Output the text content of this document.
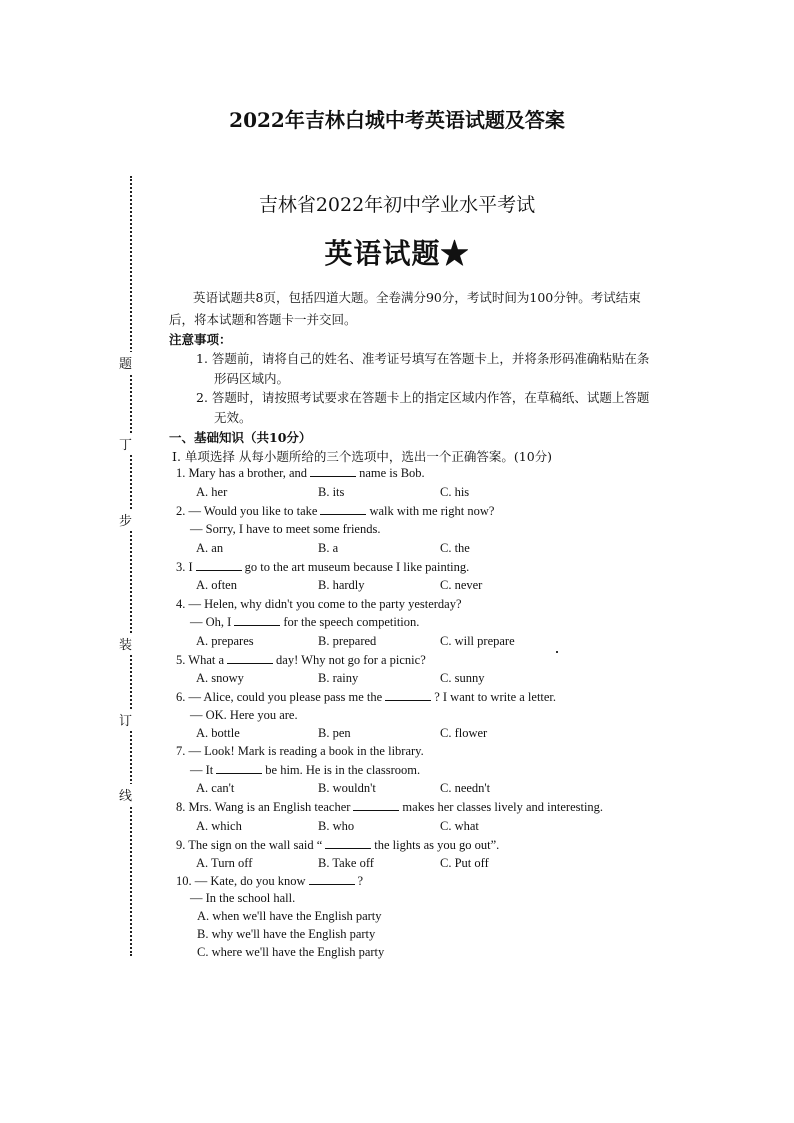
2022年吉林白城中考英语试题及答案
题
丁
步
装
订
线
吉林省2022年初中学业水平考试
英语试题★
英语试题共8页，包括四道大题。全卷满分90分，考试时间为100分钟。考试结束
后，将本试题和答题卡一并交回。
注意事项：
1. 答题前，请将自己的姓名、准考证号填写在答题卡上，并将条形码准确粘贴在条
形码区域内。
2. 答题时，请按照考试要求在答题卡上的指定区域内作答，在草稿纸、试题上答题
无效。
一、基础知识（共10分）
Ⅰ. 单项选择 从每小题所给的三个选项中，选出一个正确答案。(10分)
1. Mary has a brother, and	name is Bob.
A. her	B. its	C. his
2. — Would you like to take	walk with me right now?
— Sorry, I have to meet some friends.
A. an	B. a	C. the
3. I	go to the art museum because I like painting.
A. often	B. hardly	C. never
4. — Helen, why didn't you come to the party yesterday?
— Oh, I	for the speech competition.
A. prepares	B. prepared	C. will prepare
5. What a	day! Why not go for a picnic?
A. snowy	B. rainy	C. sunny
6. — Alice, could you please pass me the	? I want to write a letter.
— OK. Here you are.
A. bottle	B. pen	C. flower
7. — Look! Mark is reading a book in the library.
— It	be him. He is in the classroom.
A. can't	B. wouldn't	C. needn't
8. Mrs. Wang is an English teacher	makes her classes lively and interesting.
A. which	B. who	C. what
9. The sign on the wall said “	the lights as you go out”.
A. Turn off	B. Take off	C. Put off
10. — Kate, do you know	?
— In the school hall.
A. when we'll have the English party
B. why we'll have the English party
C. where we'll have the English party
